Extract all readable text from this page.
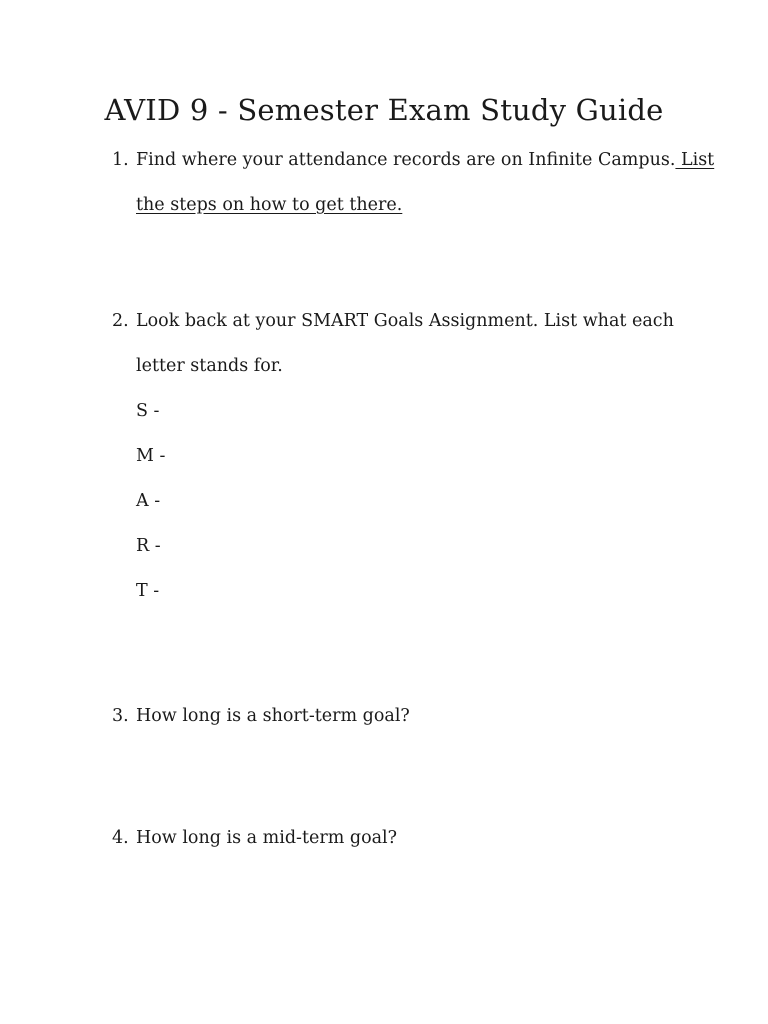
AVID 9 - Semester Exam Study Guide
1. Find where your attendance records are on Infinite Campus. List
the steps on how to get there.
2. Look back at your SMART Goals Assignment. List what each
letter stands for.
S -
M -
A -
R -
T -
3. How long is a short-term goal?
4. How long is a mid-term goal?
